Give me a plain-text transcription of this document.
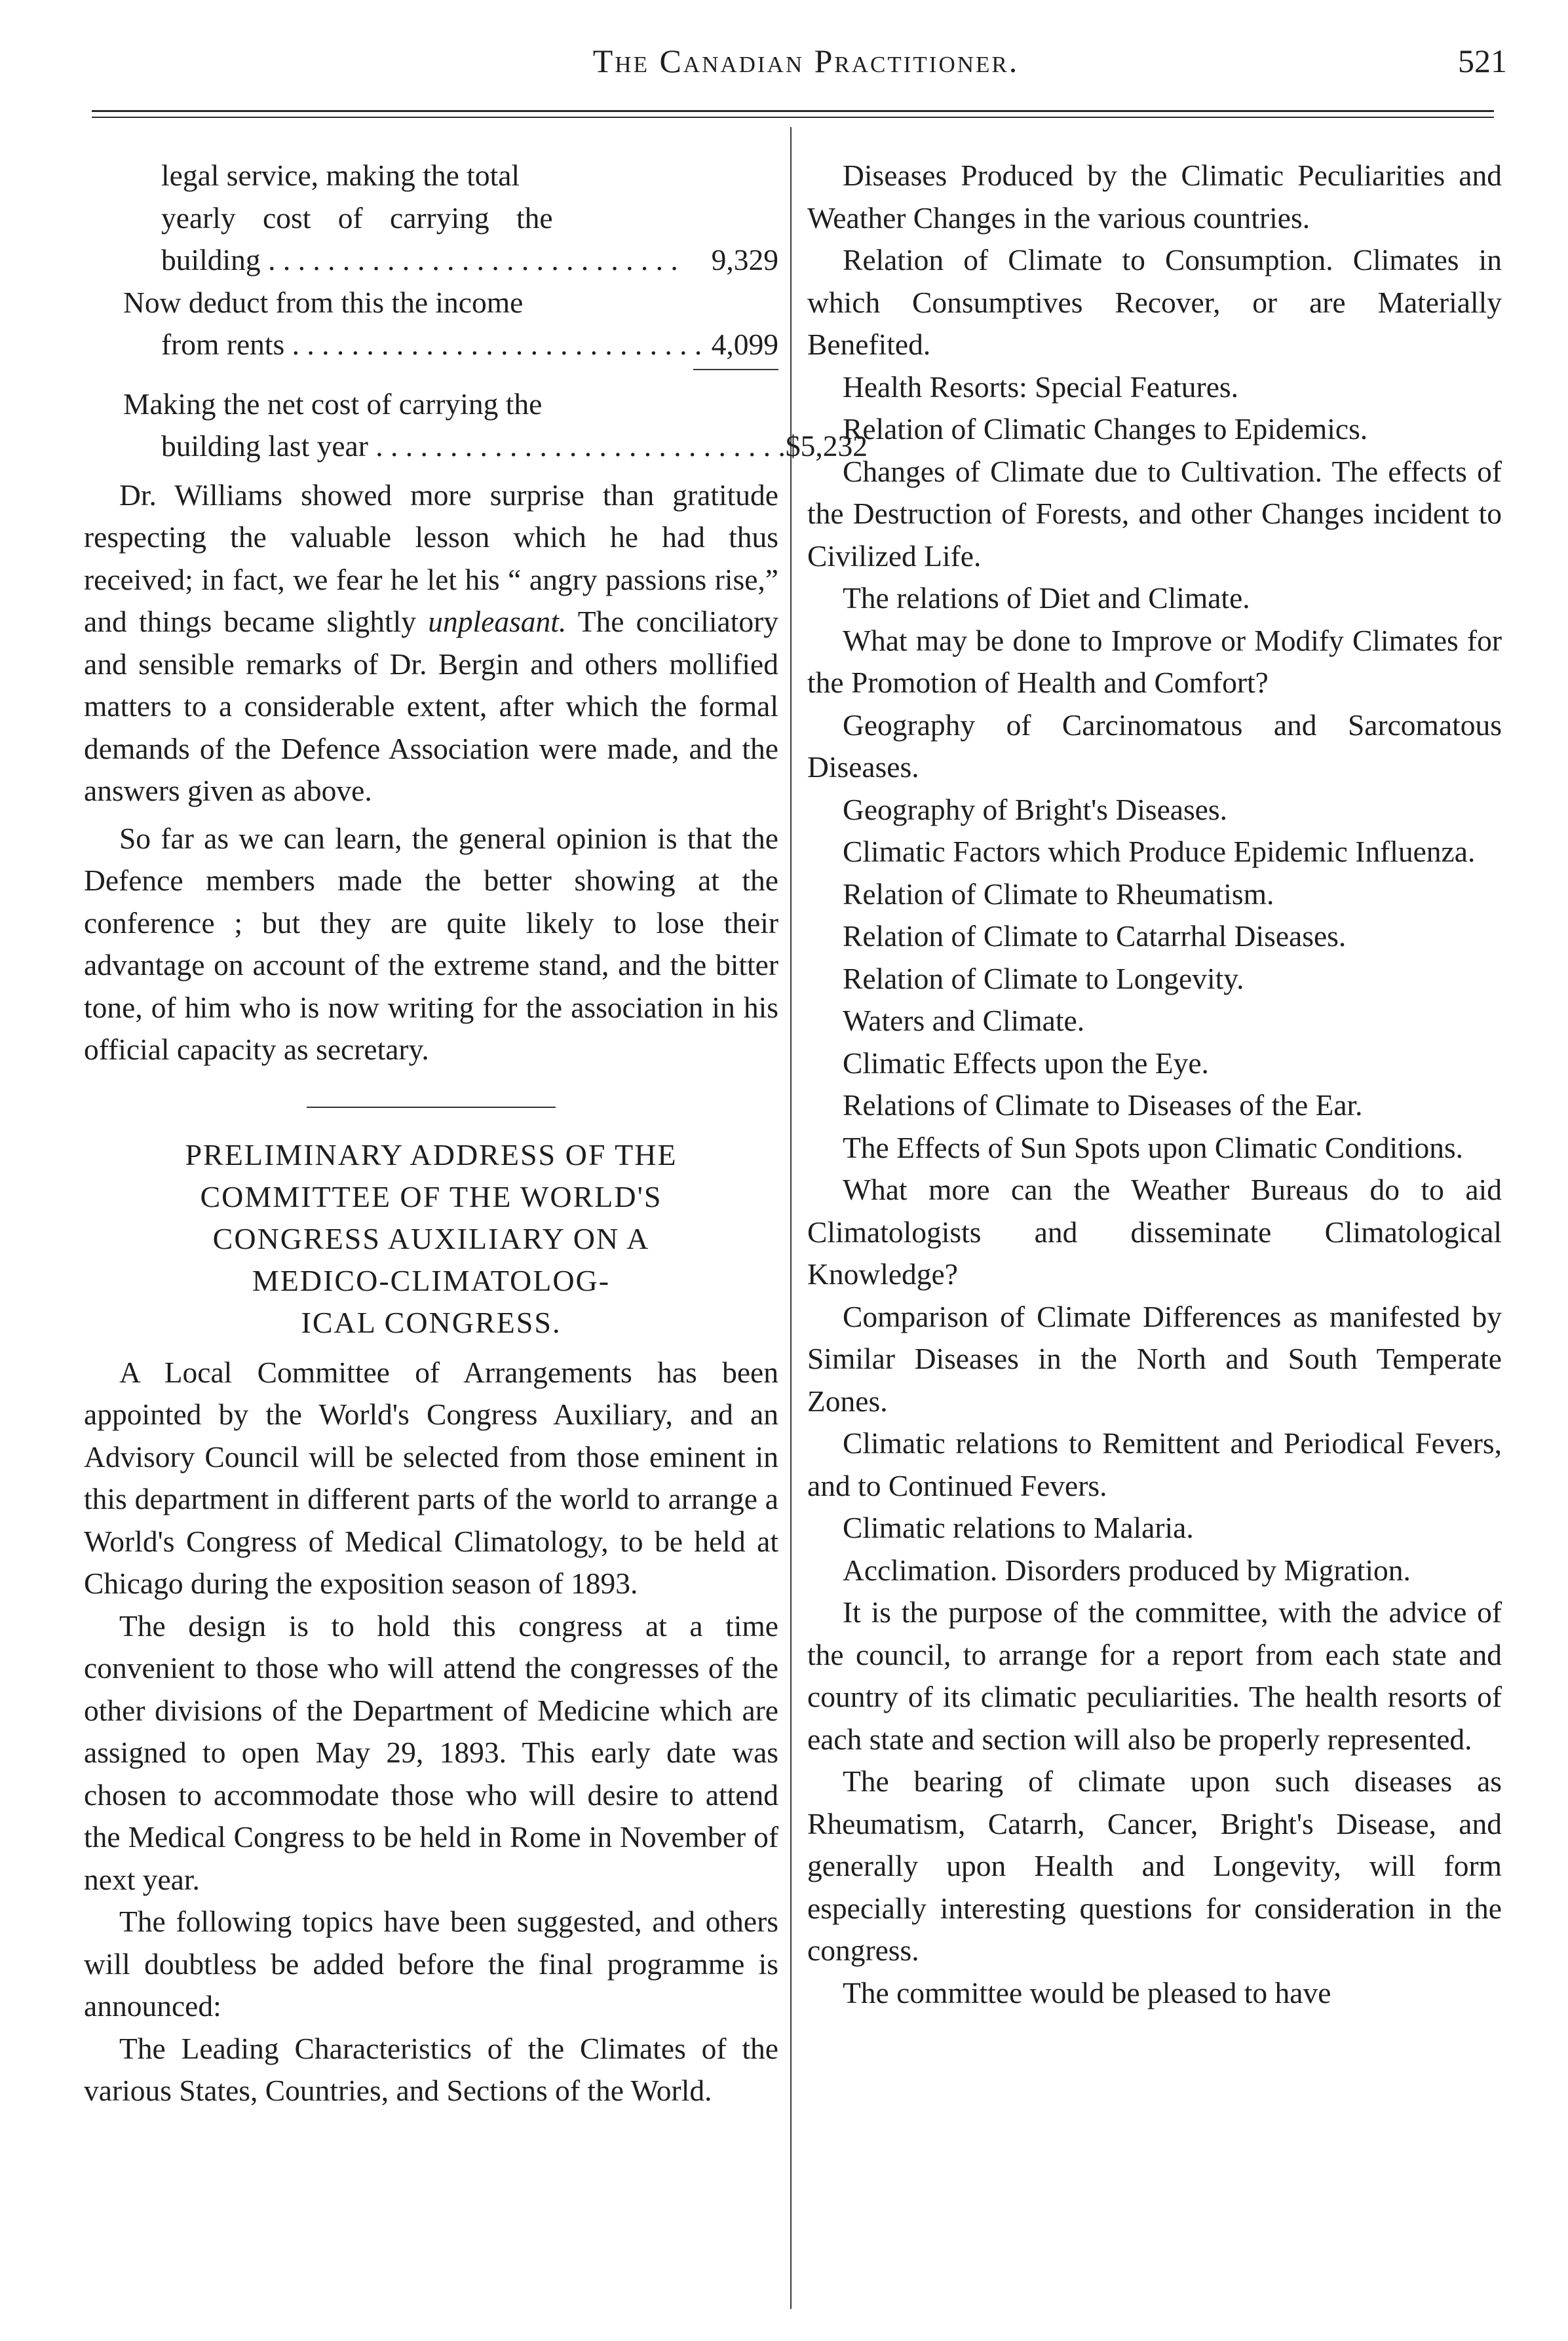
The Canadian Practitioner.	521
legal service, making the total
yearly cost of carrying the
building . . . . . . . . . . . . . . . . . . . . . . . . . . . .	9,329
Now deduct from this the income
from rents . . . . . . . . . . . . . . . . . . . . . . . . . . . . 4,099
Making the net cost of carrying the
building last year . . . . . . . . . . . . . . . . . . . . . . . . . . . . $5,232

Dr. Williams showed more surprise than gratitude respecting the valuable lesson which he had thus received; in fact, we fear he let his “ angry passions rise,” and things became slightly unpleasant. The conciliatory and sensible remarks of Dr. Bergin and others mollified matters to a considerable extent, after which the formal demands of the Defence Association were made, and the answers given as above.

So far as we can learn, the general opinion is that the Defence members made the better showing at the conference ; but they are quite likely to lose their advantage on account of the extreme stand, and the bitter tone, of him who is now writing for the association in his official capacity as secretary.

PRELIMINARY ADDRESS OF THE
COMMITTEE OF THE WORLD'S
CONGRESS AUXILIARY ON A
MEDICO-CLIMATOLOG-
ICAL CONGRESS.

A Local Committee of Arrangements has been appointed by the World's Congress Auxiliary, and an Advisory Council will be selected from those eminent in this department in different parts of the world to arrange a World's Congress of Medical Climatology, to be held at Chicago during the exposition season of 1893.

The design is to hold this congress at a time convenient to those who will attend the congresses of the other divisions of the Department of Medicine which are assigned to open May 29, 1893. This early date was chosen to accommodate those who will desire to attend the Medical Congress to be held in Rome in November of next year.

The following topics have been suggested, and others will doubtless be added before the final programme is announced:

The Leading Characteristics of the Climates of the various States, Countries, and Sections of the World.

Diseases Produced by the Climatic Peculiarities and Weather Changes in the various countries.

Relation of Climate to Consumption. Climates in which Consumptives Recover, or are Materially Benefited.

Health Resorts: Special Features.

Relation of Climatic Changes to Epidemics.

Changes of Climate due to Cultivation. The effects of the Destruction of Forests, and other Changes incident to Civilized Life.

The relations of Diet and Climate.

What may be done to Improve or Modify Climates for the Promotion of Health and Comfort?

Geography of Carcinomatous and Sarcomatous Diseases.

Geography of Bright's Diseases.

Climatic Factors which Produce Epidemic Influenza.

Relation of Climate to Rheumatism.

Relation of Climate to Catarrhal Diseases.

Relation of Climate to Longevity.

Waters and Climate.

Climatic Effects upon the Eye.

Relations of Climate to Diseases of the Ear.

The Effects of Sun Spots upon Climatic Conditions.

What more can the Weather Bureaus do to aid Climatologists and disseminate Climatological Knowledge?

Comparison of Climate Differences as manifested by Similar Diseases in the North and South Temperate Zones.

Climatic relations to Remittent and Periodical Fevers, and to Continued Fevers.

Climatic relations to Malaria.

Acclimation. Disorders produced by Migration.

It is the purpose of the committee, with the advice of the council, to arrange for a report from each state and country of its climatic peculiarities. The health resorts of each state and section will also be properly represented.

The bearing of climate upon such diseases as Rheumatism, Catarrh, Cancer, Bright's Disease, and generally upon Health and Longevity, will form especially interesting questions for consideration in the congress.

The committee would be pleased to have
